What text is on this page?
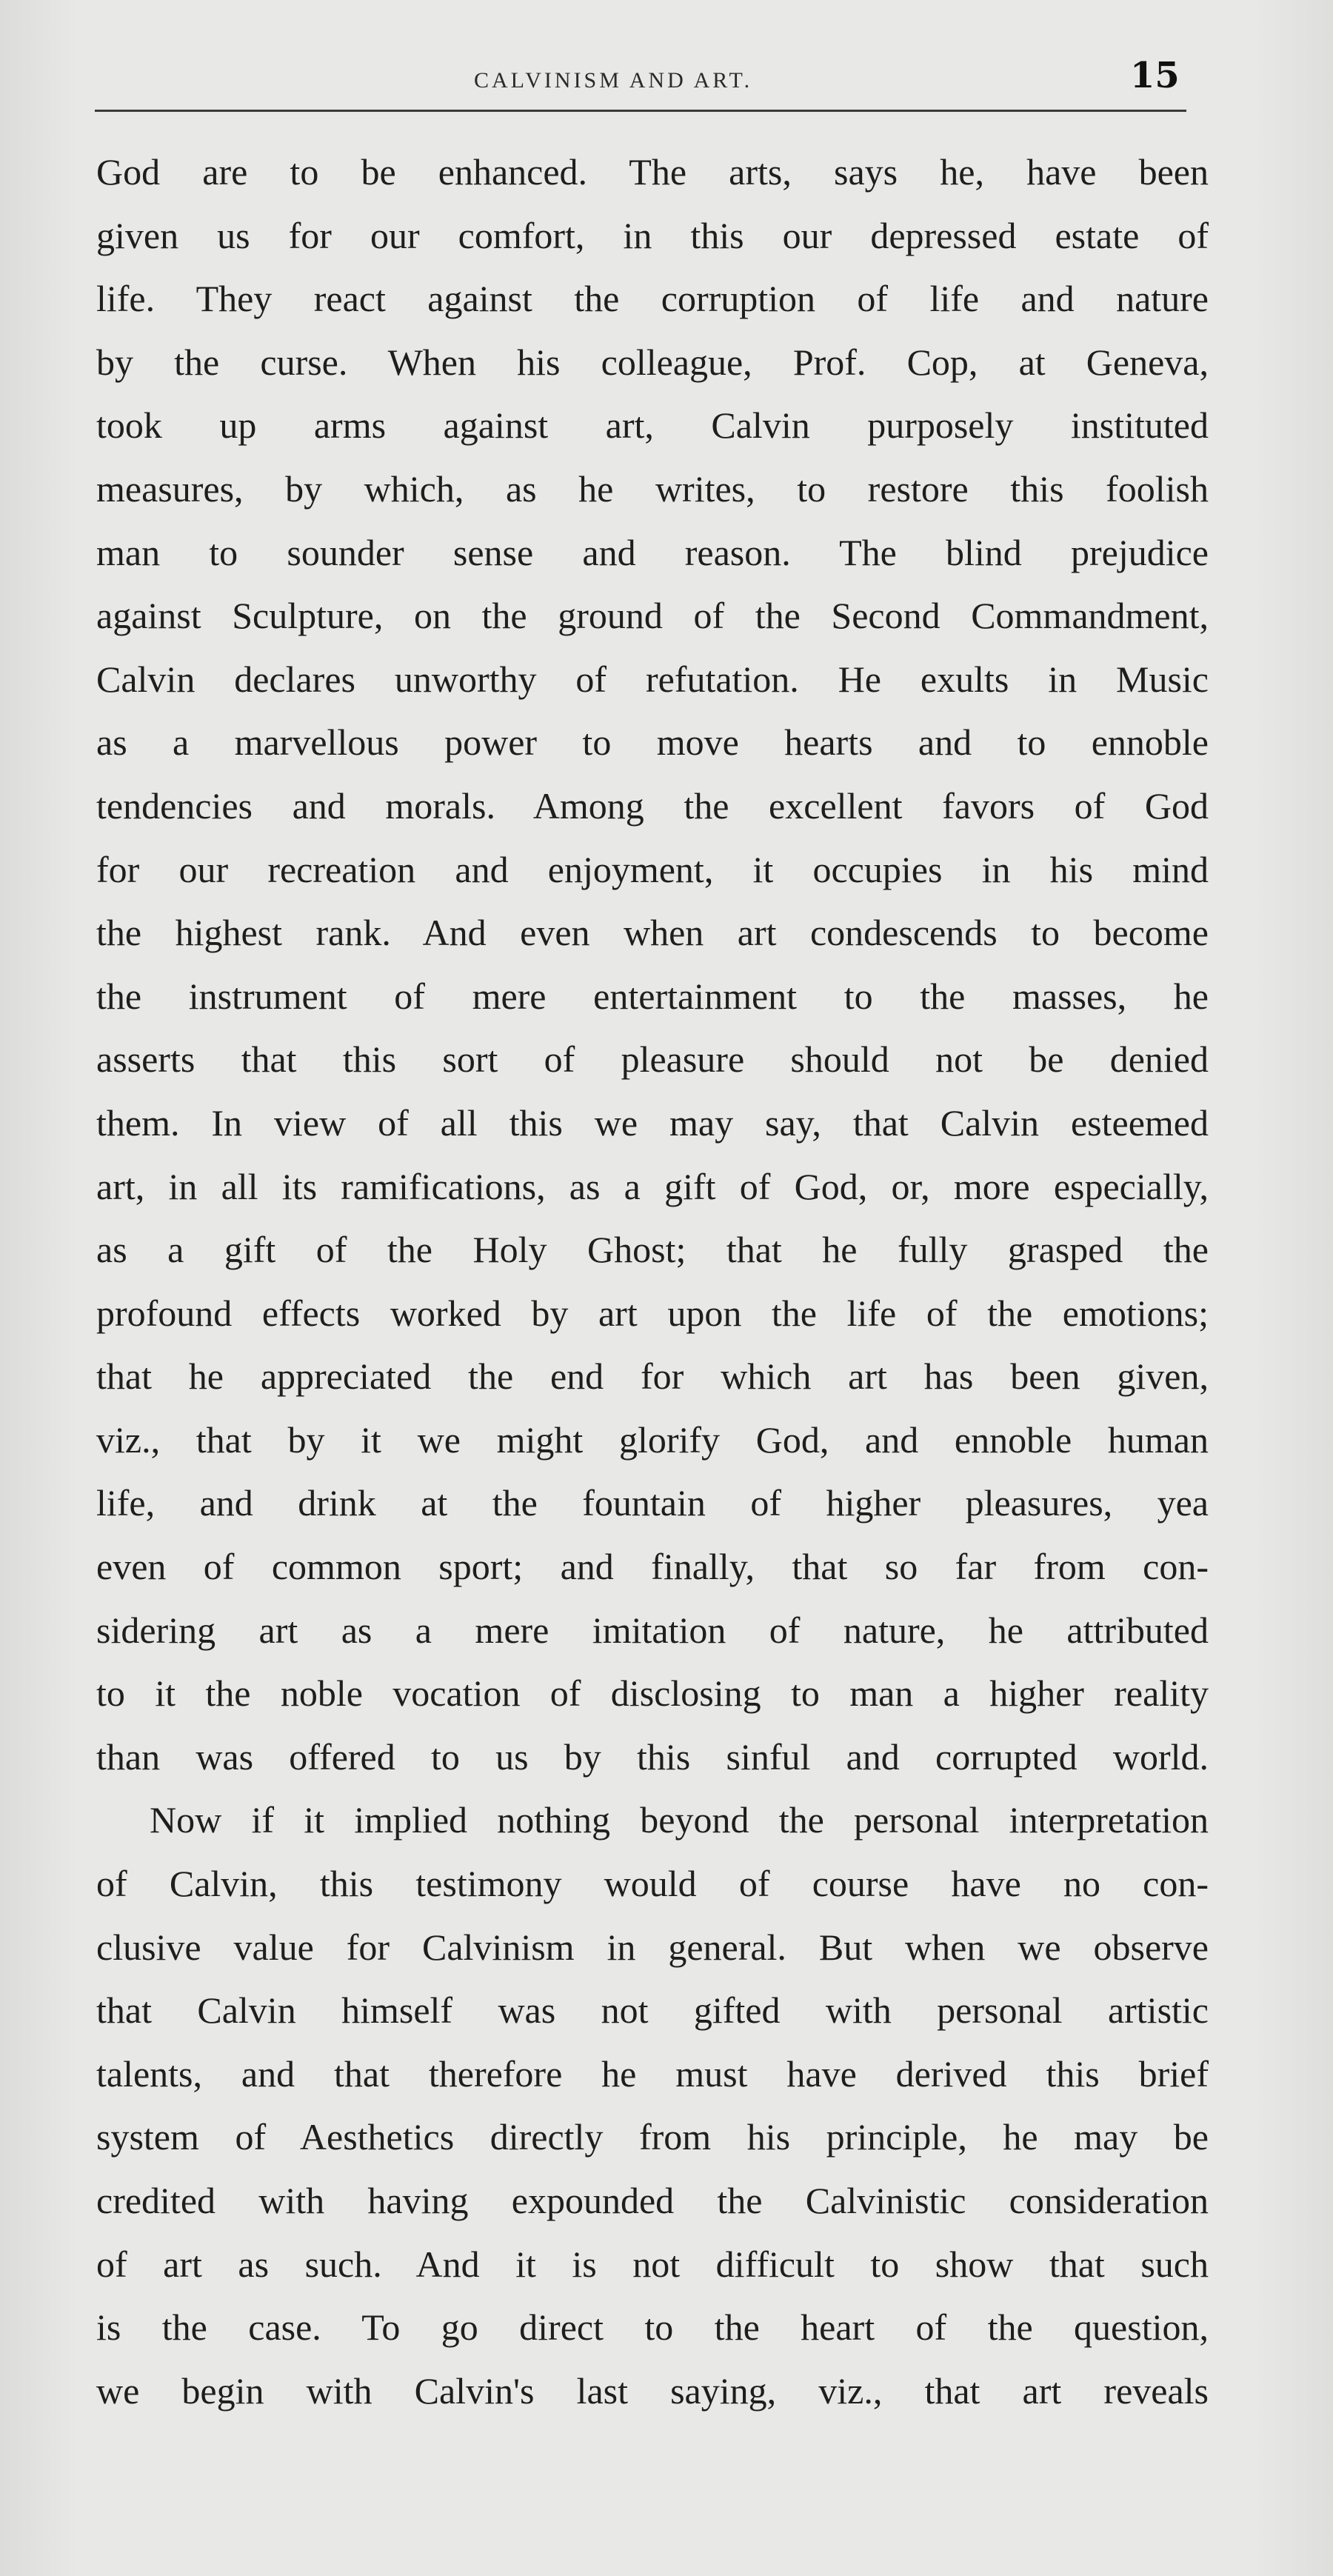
CALVINISM AND ART.	15
God are to be enhanced. The arts, says he, have been
given us for our comfort, in this our depressed estate of
life. They react against the corruption of life and nature
by the curse. When his colleague, Prof. Cop, at Geneva,
took up arms against art, Calvin purposely instituted
measures, by which, as he writes, to restore this foolish
man to sounder sense and reason. The blind prejudice
against Sculpture, on the ground of the Second Commandment,
Calvin declares unworthy of refutation. He exults in Music
as a marvellous power to move hearts and to ennoble
tendencies and morals. Among the excellent favors of God
for our recreation and enjoyment, it occupies in his mind
the highest rank. And even when art condescends to become
the instrument of mere entertainment to the masses, he
asserts that this sort of pleasure should not be denied
them. In view of all this we may say, that Calvin esteemed
art, in all its ramifications, as a gift of God, or, more especially,
as a gift of the Holy Ghost; that he fully grasped the
profound effects worked by art upon the life of the emotions;
that he appreciated the end for which art has been given,
viz., that by it we might glorify God, and ennoble human
life, and drink at the fountain of higher pleasures, yea
even of common sport; and finally, that so far from con-
sidering art as a mere imitation of nature, he attributed
to it the noble vocation of disclosing to man a higher reality
than was offered to us by this sinful and corrupted world.
Now if it implied nothing beyond the personal interpretation
of Calvin, this testimony would of course have no con-
clusive value for Calvinism in general. But when we observe
that Calvin himself was not gifted with personal artistic
talents, and that therefore he must have derived this brief
system of Aesthetics directly from his principle, he may be
credited with having expounded the Calvinistic consideration
of art as such. And it is not difficult to show that such
is the case. To go direct to the heart of the question,
we begin with Calvin's last saying, viz., that art reveals
